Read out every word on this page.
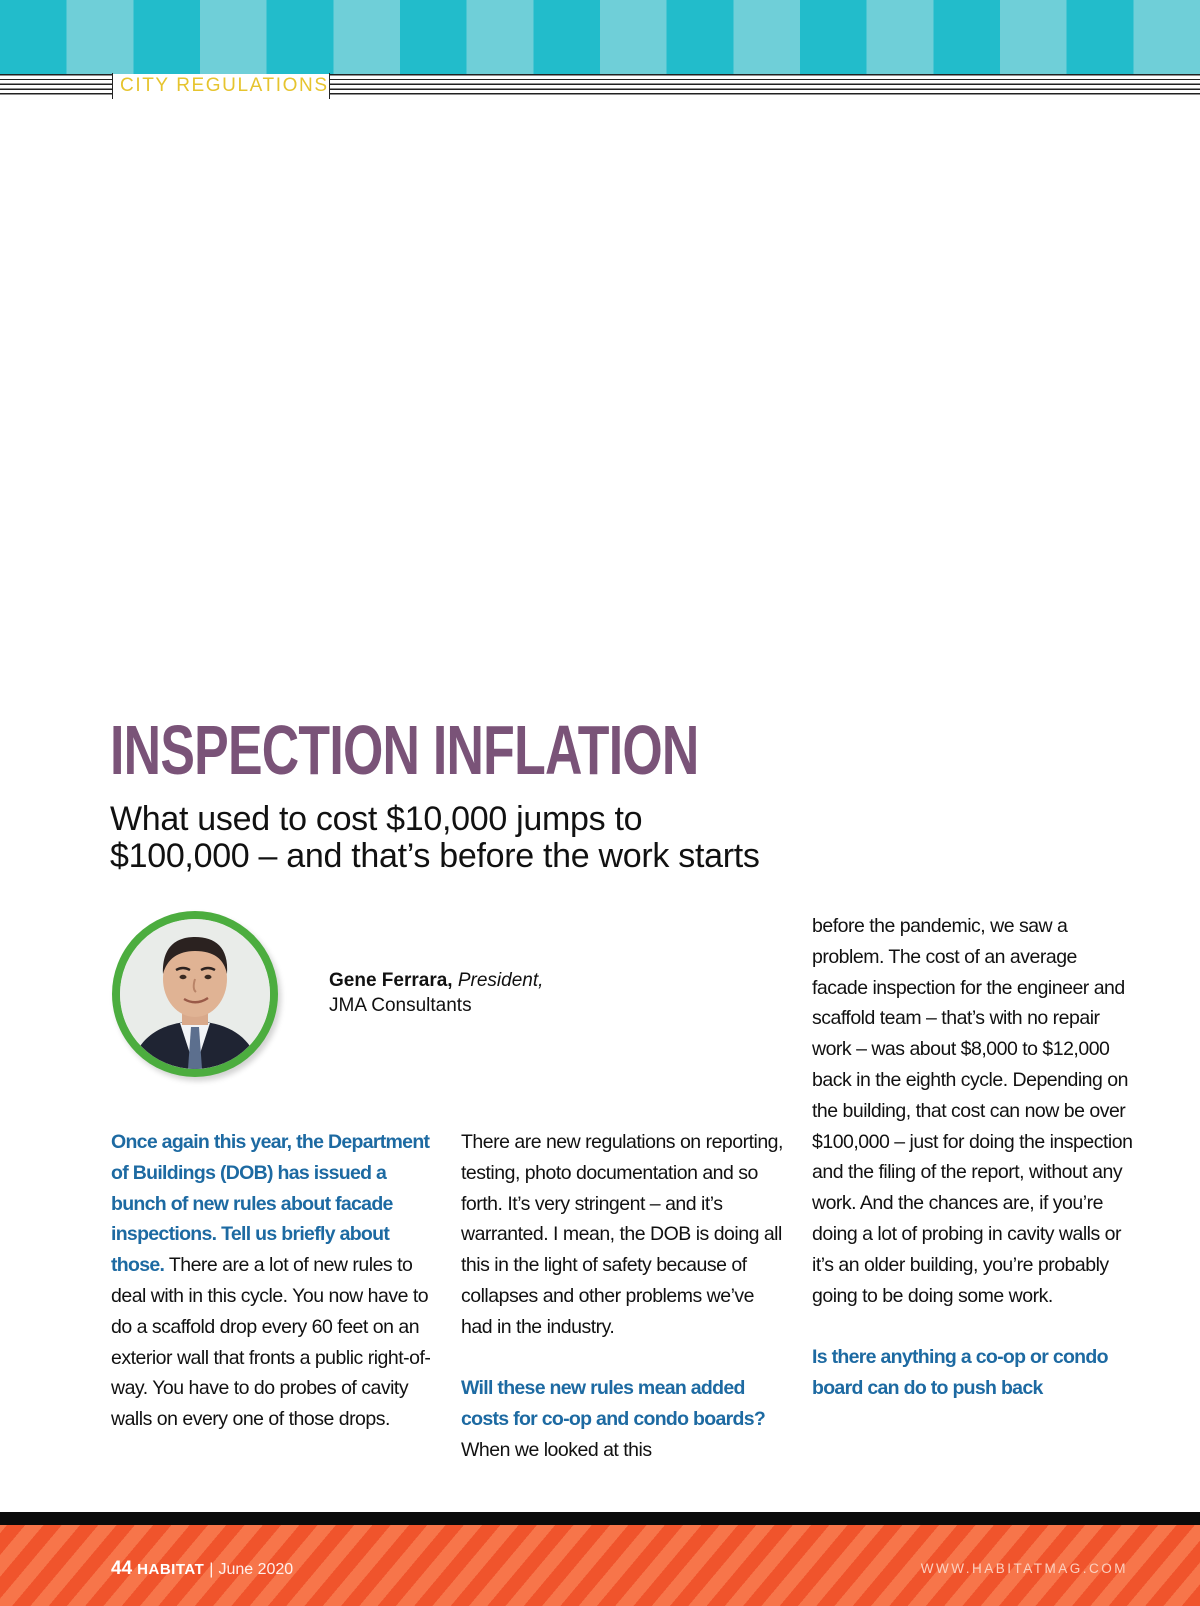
CITY REGULATIONS
INSPECTION INFLATION
What used to cost $10,000 jumps to
$100,000 – and that’s before the work starts
Gene Ferrara, President,
JMA Consultants

Once again this year, the Department of Buildings (DOB) has issued a bunch of new rules about facade inspections. Tell us briefly about those. There are a lot of new rules to deal with in this cycle. You now have to do a scaffold drop every 60 feet on an exterior wall that fronts a public right-of-way. You have to do probes of cavity walls on every one of those drops.

There are new regulations on reporting, testing, photo documentation and so forth. It’s very stringent – and it’s warranted. I mean, the DOB is doing all this in the light of safety because of collapses and other problems we’ve had in the industry.

Will these new rules mean added costs for co-op and condo boards? When we looked at this

before the pandemic, we saw a problem. The cost of an average facade inspection for the engineer and scaffold team – that’s with no repair work – was about $8,000 to $12,000 back in the eighth cycle. Depending on the building, that cost can now be over $100,000 – just for doing the inspection and the filing of the report, without any work. And the chances are, if you’re doing a lot of probing in cavity walls or it’s an older building, you’re probably going to be doing some work.

Is there anything a co-op or condo board can do to push back

44 HABITAT | June 2020	WWW.HABITATMAG.COM
